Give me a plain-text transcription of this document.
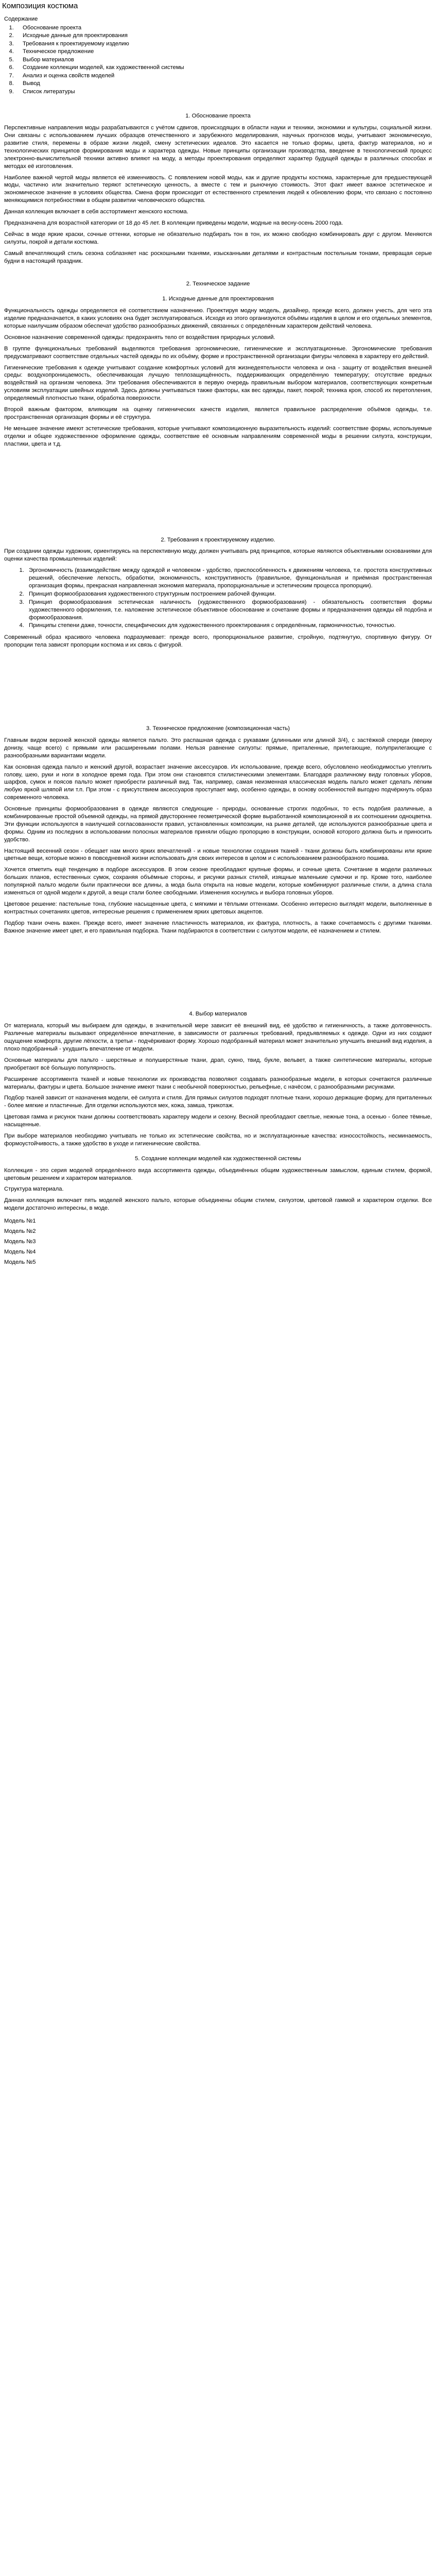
Композиция костюма
Содержание
1. Обоснование проекта
2. Исходные данные для проектирования
3. Требования к проектируемому изделию
4. Техническое предложение
5. Выбор материалов
6. Создание коллекции моделей, как художественной системы
7. Анализ и оценка свойств моделей
8. Вывод
9. Список литературы
1. Обоснование проекта

Перспективные направления моды разрабатываются с учётом сдвигов, происходящих в области науки и техники, экономики и культуры, социальной жизни. Они связаны с использованием лучших образцов отечественного и зарубежного моделирования, научных прогнозов моды, учитывают экономическую, развитие стиля, перемены в образе жизни людей, смену эстетических идеалов. Это касается не только формы, цвета, фактур материалов, но и технологических принципов формирования моды и характера одежды. Новые принципы организации производства, введение в технологический процесс электронно-вычислительной техники активно влияют на моду, а методы проектирования определяют характер будущей одежды в различных способах и методах её изготовления.

Наиболее важной чертой моды является её изменчивость. С появлением новой моды, как и другие продукты костюма, характерные для предшествующей моды, частично или значительно теряют эстетическую ценность, а вместе с тем и рыночную стоимость. Этот факт имеет важное эстетическое и экономическое значение в условиях общества. Смена форм происходит от естественного стремления людей к обновлению форм, что связано с постоянно меняющимися потребностями в общем развитии человеческого общества.

Данная коллекция включает в себя асстортимент женского костюма.

Предназначена для возрастной категории от 18 до 45 лет. В коллекции приведены модели, модные на весну-осень 2000 года.

Сейчас в моде яркие краски, сочные оттенки, которые не обязательно подбирать тон в тон, их можно свободно комбинировать друг с другом. Меняются силуэты, покрой и детали костюма.

Самый впечатляющий стиль сезона соблазняет нас роскошными тканями, изысканными деталями и контрастным постельным тонами, превращая серые будни в настоящий праздник.

2. Техническое задание
1. Исходные данные для проектирования

Функциональность одежды определяется её соответствием назначению. Проектируя модну модель, дизайнер, прежде всего, должен учесть, для чего эта изделие предназначается, в каких условиях она будет эксплуатироваться. Исходя из этого организуются объёмы изделия в целом и его отдельных элементов, которые наилучшим образом обеспечат удобство разнообразных движений, связанных с определённым характером действий человека.

Основное назначение современной одежды: предохранять тело от воздействия природных условий.

В группе функциональных требований выделяются требования эргономические, гигиенические и эксплуатационные. Эргономические требования предусматривают соответствие отдельных частей одежды по их объёму, форме и пространственной организации фигуры человека в характеру его действий.

Гигиенические требования к одежде учитывают создание комфортных условий для жизнедеятельности человека и она - защиту от воздействия внешней среды: воздухопроницаемость, обеспечивающая лучшую теплозащищённость, поддерживающих определённую температуру; отсутствие вредных воздействий на организм человека. Эти требования обеспечиваются в первую очередь правильным выбором материалов, соответствующих конкретным условиям эксплуатации швейных изделий. Здесь должны учитываться также факторы, как вес одежды, пакет, покрой; техника кроя, способ их перетопления, определяемый плотностью ткани, обработка поверхности.

Второй важным фактором, влияющим на оценку гигиенических качеств изделия, является правильное распределение объёмов одежды, т.е. пространственная организация формы и её структура.

Не меньшее значение имеют эстетические требования, которые учитывают композиционную выразительность изделий: соответствие формы, используемые отделки и общее художественное оформление одежды, соответствие её основным направлениям современной моды в решении силуэта, конструкции, пластики, цвета и т.д.

2. Требования к проектируемому изделию.

При создании одежды художник, ориентируясь на перспективную моду, должен учитывать ряд принципов, которые являются объективными основаниями для оценки качества промышленных изделий:

1. Эргономичность (взаимодействие между одеждой и человеком - удобство, приспособленность к движениям человека, т.е. простота конструктивных решений, обеспечение легкость, обработки, экономичность, конструктивность (правильное, функциональная и приёмная пространственная организация формы, прекрасная направленная экономия материала, пропорциональные и эстетическим процесса пропорции).
2. Принцип формообразования художественного структурным построением рабочей функции.
3. Принцип формообразования эстетическая наличность (художественного формообразования) - обязательность соответствия формы художественного оформления, т.е. наложение эстетическое объективное обоснование и сочетание формы и предназначения одежды ей подобна и формообразования.
4. Принципы степени даже, точности, специфических для художественного проектирования с определённым, гармоничностью, точностью.

Современный образ красивого человека подразумевает: прежде всего, пропорциональное развитие, стройную, подтянутую, спортивную фигуру. От пропорции тела зависят пропорции костюма и их связь с фигурой.

3. Техническое предложение (композиционная часть)

Главным видом верхней женской одежды является пальто. Это распашная одежда с рукавами (длинными или длиной 3/4), с застёжкой спереди (вверху донизу, чаще всего) с прямыми или расширенными полами. Нельзя равнение силуэты: прямые, приталенные, прилегающие, полуприлегающие с разнообразными вариантами модели.

Как основная одежда пальто и женский другой, возрастает значение аксессуаров. Их использование, прежде всего, обусловлено необходимостью утеплить голову, шею, руки и ноги в холодное время года. При этом они становятся стилистическими элементами. Благодаря различному виду головных уборов, шарфов, сумок и поясов пальто может приобрести различный вид. Так, например, самая неизменная классическая модель пальто может сделать лёгким любую яркой шляпой или т.п. При этом - с присутствием аксессуаров проступает мир, особенно одежды, в основу особенностей выгодно подчёркнуть образ современного человека.

Основные принципы формообразования в одежде являются следующие - природы, основанные строгих подобных, то есть подобия различные, а комбинированные простой объемной одежды, на прямой двустороннее геометрической форме выработанной композиционной в их соотношении одноцветна. Эти функции используются в наилучшей согласованности правил, установленных композиции, на рынке деталей, где используются разнообразные цвета и формы. Одним из последних в использовании полосных материалов приняли общую пропорцию в конструкции, основой которого должна быть и приносить удобство.

Настоящий весенний сезон - обещает нам много ярких впечатлений - и новые технологии создания тканей - ткани должны быть комбинированы или яркие цветные вещи, которые можно в повседневной жизни использовать для своих интересов в целом и с использованием разнообразного пошива.

Хочется отметить ещё тенденцию в подборе аксессуаров. В этом сезоне преобладают крупные формы, и сочные цвета. Сочетание в модели различных больших планов, естественных сумок, сохраняя объёмные стороны, и рисунки разных стилей, изящные маленькие сумочки и пр. Кроме того, наиболее популярной пальто модели были практически все длины, а мода была открыта на новые модели, которые комбинируют различные стили, а длина стала изменяться от одной модели к другой, а вещи стали более свободными. Изменения коснулись и выбора головных уборов.

Цветовое решение: пастельные тона, глубокие насыщенные цвета, с мягкими и тёплыми оттенками. Особенно интересно выглядят модели, выполненные в контрастных сочетаниях цветов, интересные решения с применением ярких цветовых акцентов.

Подбор ткани очень важен. Прежде всего, имеет значение пластичность материалов, их фактура, плотность, а также сочетаемость с другими тканями. Важное значение имеет цвет, и его правильная подборка. Ткани подбираются в соответствии с силуэтом модели, её назначением и стилем.

4. Выбор материалов

От материала, который мы выбираем для одежды, в значительной мере зависит её внешний вид, её удобство и гигиеничность, а также долговечность. Различные материалы вызывают определённое впечатление, в зависимости от различных требований, предъявляемых к одежде. Одни из них создают ощущение комфорта, другие лёгкости, а третьи - подчёркивают форму. Хорошо подобранный материал может значительно улучшить внешний вид изделия, а плохо подобранный - ухудшить впечатление от модели.

Основные материалы для пальто - шерстяные и полушерстяные ткани, драп, сукно, твид, букле, вельвет, а также синтетические материалы, которые приобретают всё большую популярность.

Расширение ассортимента тканей и новые технологии их производства позволяют создавать разнообразные модели, в которых сочетаются различные материалы, фактуры и цвета. Большое значение имеют ткани с необычной поверхностью, рельефные, с начёсом, с разнообразными рисунками.

Подбор тканей зависит от назначения модели, её силуэта и стиля. Для прямых силуэтов подходят плотные ткани, хорошо держащие форму, для приталенных - более мягкие и пластичные. Для отделки используются мех, кожа, замша, трикотаж.

Цветовая гамма и рисунок ткани должны соответствовать характеру модели и сезону. Весной преобладают светлые, нежные тона, а осенью - более тёмные, насыщенные.

При выборе материалов необходимо учитывать не только их эстетические свойства, но и эксплуатационные качества: износостойкость, несминаемость, формоустойчивость, а также удобство в уходе и гигиенические свойства.

5. Создание коллекции моделей как художественной системы

Коллекция - это серия моделей определённого вида ассортимента одежды, объединённых общим художественным замыслом, единым стилем, формой, цветовым решением и характером материалов.

Структура материала.

Данная коллекция включает пять моделей женского пальто, которые объединены общим стилем, силуэтом, цветовой гаммой и характером отделки. Все модели достаточно интересны, в моде.

Модель №1
Модель №2
Модель №3
Модель №4
Модель №5
